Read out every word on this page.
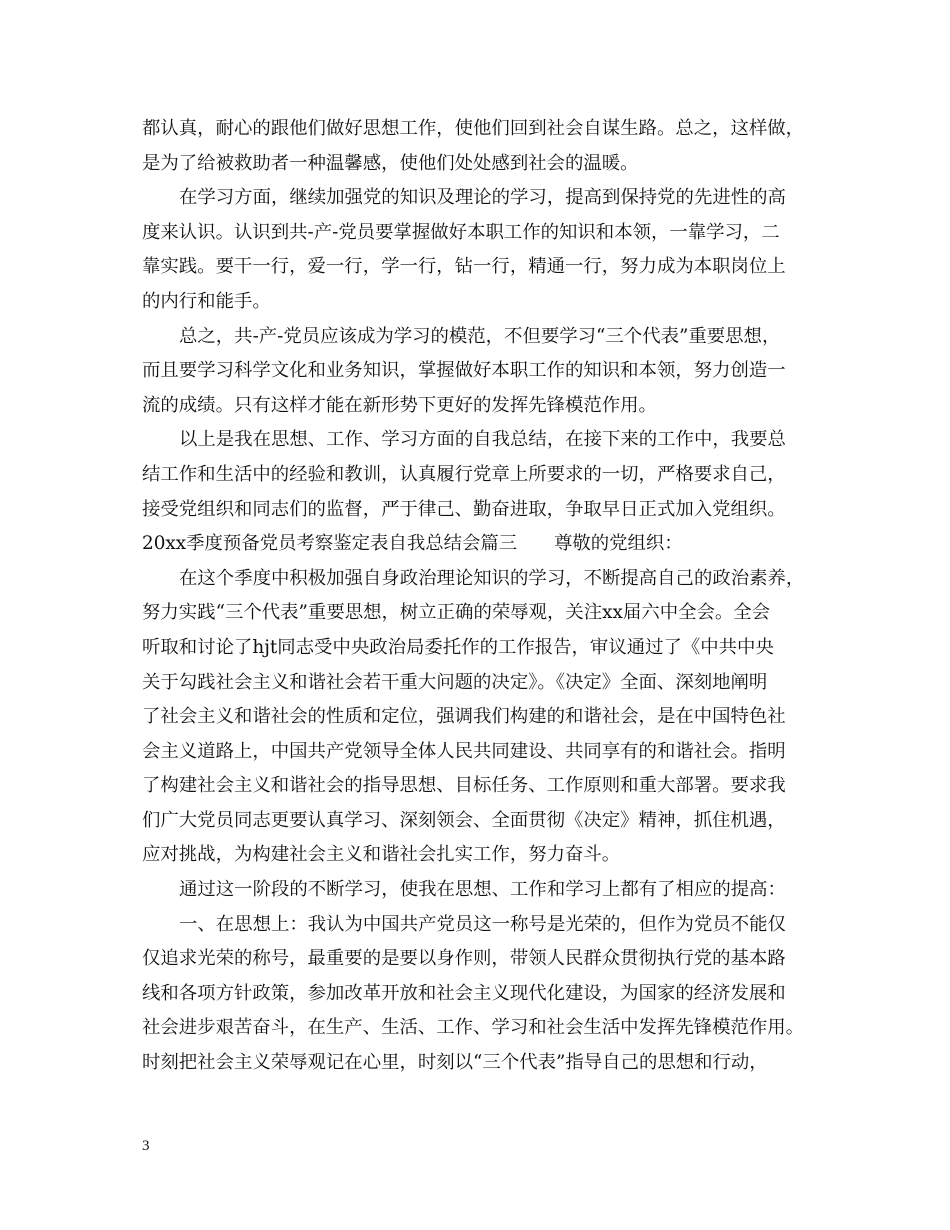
都认真，耐心的跟他们做好思想工作，使他们回到社会自谋生路。总之，这样做，
是为了给被救助者一种温馨感，使他们处处感到社会的温暖。
在学习方面，继续加强党的知识及理论的学习，提高到保持党的先进性的高
度来认识。认识到共-产-党员要掌握做好本职工作的知识和本领，一靠学习，二
靠实践。要干一行，爱一行，学一行，钻一行，精通一行，努力成为本职岗位上
的内行和能手。
总之，共-产-党员应该成为学习的模范，不但要学习“三个代表”重要思想，
而且要学习科学文化和业务知识，掌握做好本职工作的知识和本领，努力创造一
流的成绩。只有这样才能在新形势下更好的发挥先锋模范作用。
以上是我在思想、工作、学习方面的自我总结，在接下来的工作中，我要总
结工作和生活中的经验和教训，认真履行党章上所要求的一切，严格要求自己，
接受党组织和同志们的监督，严于律己、勤奋进取，争取早日正式加入党组织。
20xx季度预备党员考察鉴定表自我总结会篇三　　尊敬的党组织：
在这个季度中积极加强自身政治理论知识的学习，不断提高自己的政治素养，
努力实践“三个代表”重要思想，树立正确的荣辱观，关注xx届六中全会。全会
听取和讨论了hjt同志受中央政治局委托作的工作报告，审议通过了《中共中央
关于勾践社会主义和谐社会若干重大问题的决定》。《决定》全面、深刻地阐明
了社会主义和谐社会的性质和定位，强调我们构建的和谐社会，是在中国特色社
会主义道路上，中国共产党领导全体人民共同建设、共同享有的和谐社会。指明
了构建社会主义和谐社会的指导思想、目标任务、工作原则和重大部署。要求我
们广大党员同志更要认真学习、深刻领会、全面贯彻《决定》精神，抓住机遇，
应对挑战，为构建社会主义和谐社会扎实工作，努力奋斗。
通过这一阶段的不断学习，使我在思想、工作和学习上都有了相应的提高：
一、在思想上：我认为中国共产党员这一称号是光荣的，但作为党员不能仅
仅追求光荣的称号，最重要的是要以身作则，带领人民群众贯彻执行党的基本路
线和各项方针政策，参加改革开放和社会主义现代化建设，为国家的经济发展和
社会进步艰苦奋斗，在生产、生活、工作、学习和社会生活中发挥先锋模范作用。
时刻把社会主义荣辱观记在心里，时刻以“三个代表”指导自己的思想和行动，
3
